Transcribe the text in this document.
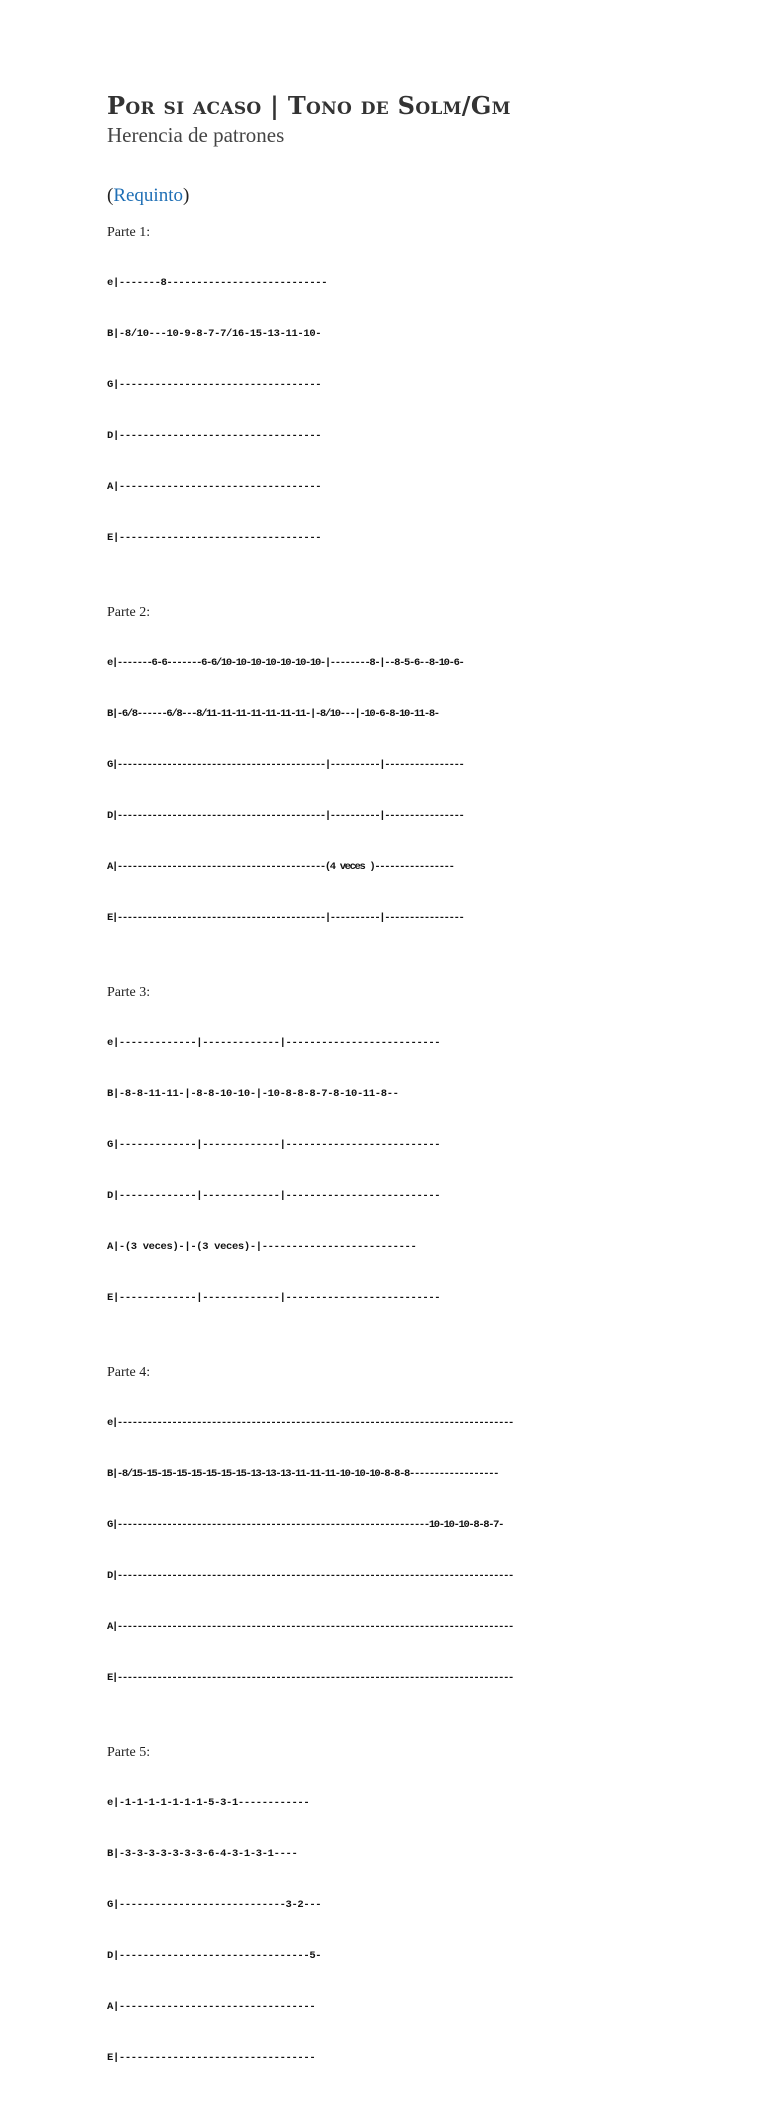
Por si acaso | Tono de Solm/Gm
Herencia de patrones
(Requinto)
Parte 1:

e|-------8---------------------------

B|-8/10---10-9-8-7-7/16-15-13-11-10-

G|----------------------------------

D|----------------------------------

A|----------------------------------

E|----------------------------------

Parte 2:

e|-------6-6-------6-6/10-10-10-10-10-10-10-|--------8-|--8-5-6--8-10-6-

B|-6/8------6/8---8/11-11-11-11-11-11-11-|-8/10---|-10-6-8-10-11-8-

G|------------------------------------------|----------|----------------

D|------------------------------------------|----------|----------------

A|------------------------------------------(4 veces )----------------

E|------------------------------------------|----------|----------------

Parte 3:

e|-------------|-------------|--------------------------

B|-8-8-11-11-|-8-8-10-10-|-10-8-8-8-7-8-10-11-8--

G|-------------|-------------|--------------------------

D|-------------|-------------|--------------------------

A|-(3 veces)-|-(3 veces)-|--------------------------

E|-------------|-------------|--------------------------

Parte 4:

e|--------------------------------------------------------------------------------

B|-8/15-15-15-15-15-15-15-15-13-13-13-11-11-11-10-10-10-8-8-8------------------

G|---------------------------------------------------------------10-10-10-8-8-7-

D|--------------------------------------------------------------------------------

A|--------------------------------------------------------------------------------

E|--------------------------------------------------------------------------------

Parte 5:

e|-1-1-1-1-1-1-1-5-3-1------------

B|-3-3-3-3-3-3-3-6-4-3-1-3-1----

G|----------------------------3-2---

D|--------------------------------5-

A|---------------------------------

E|---------------------------------
